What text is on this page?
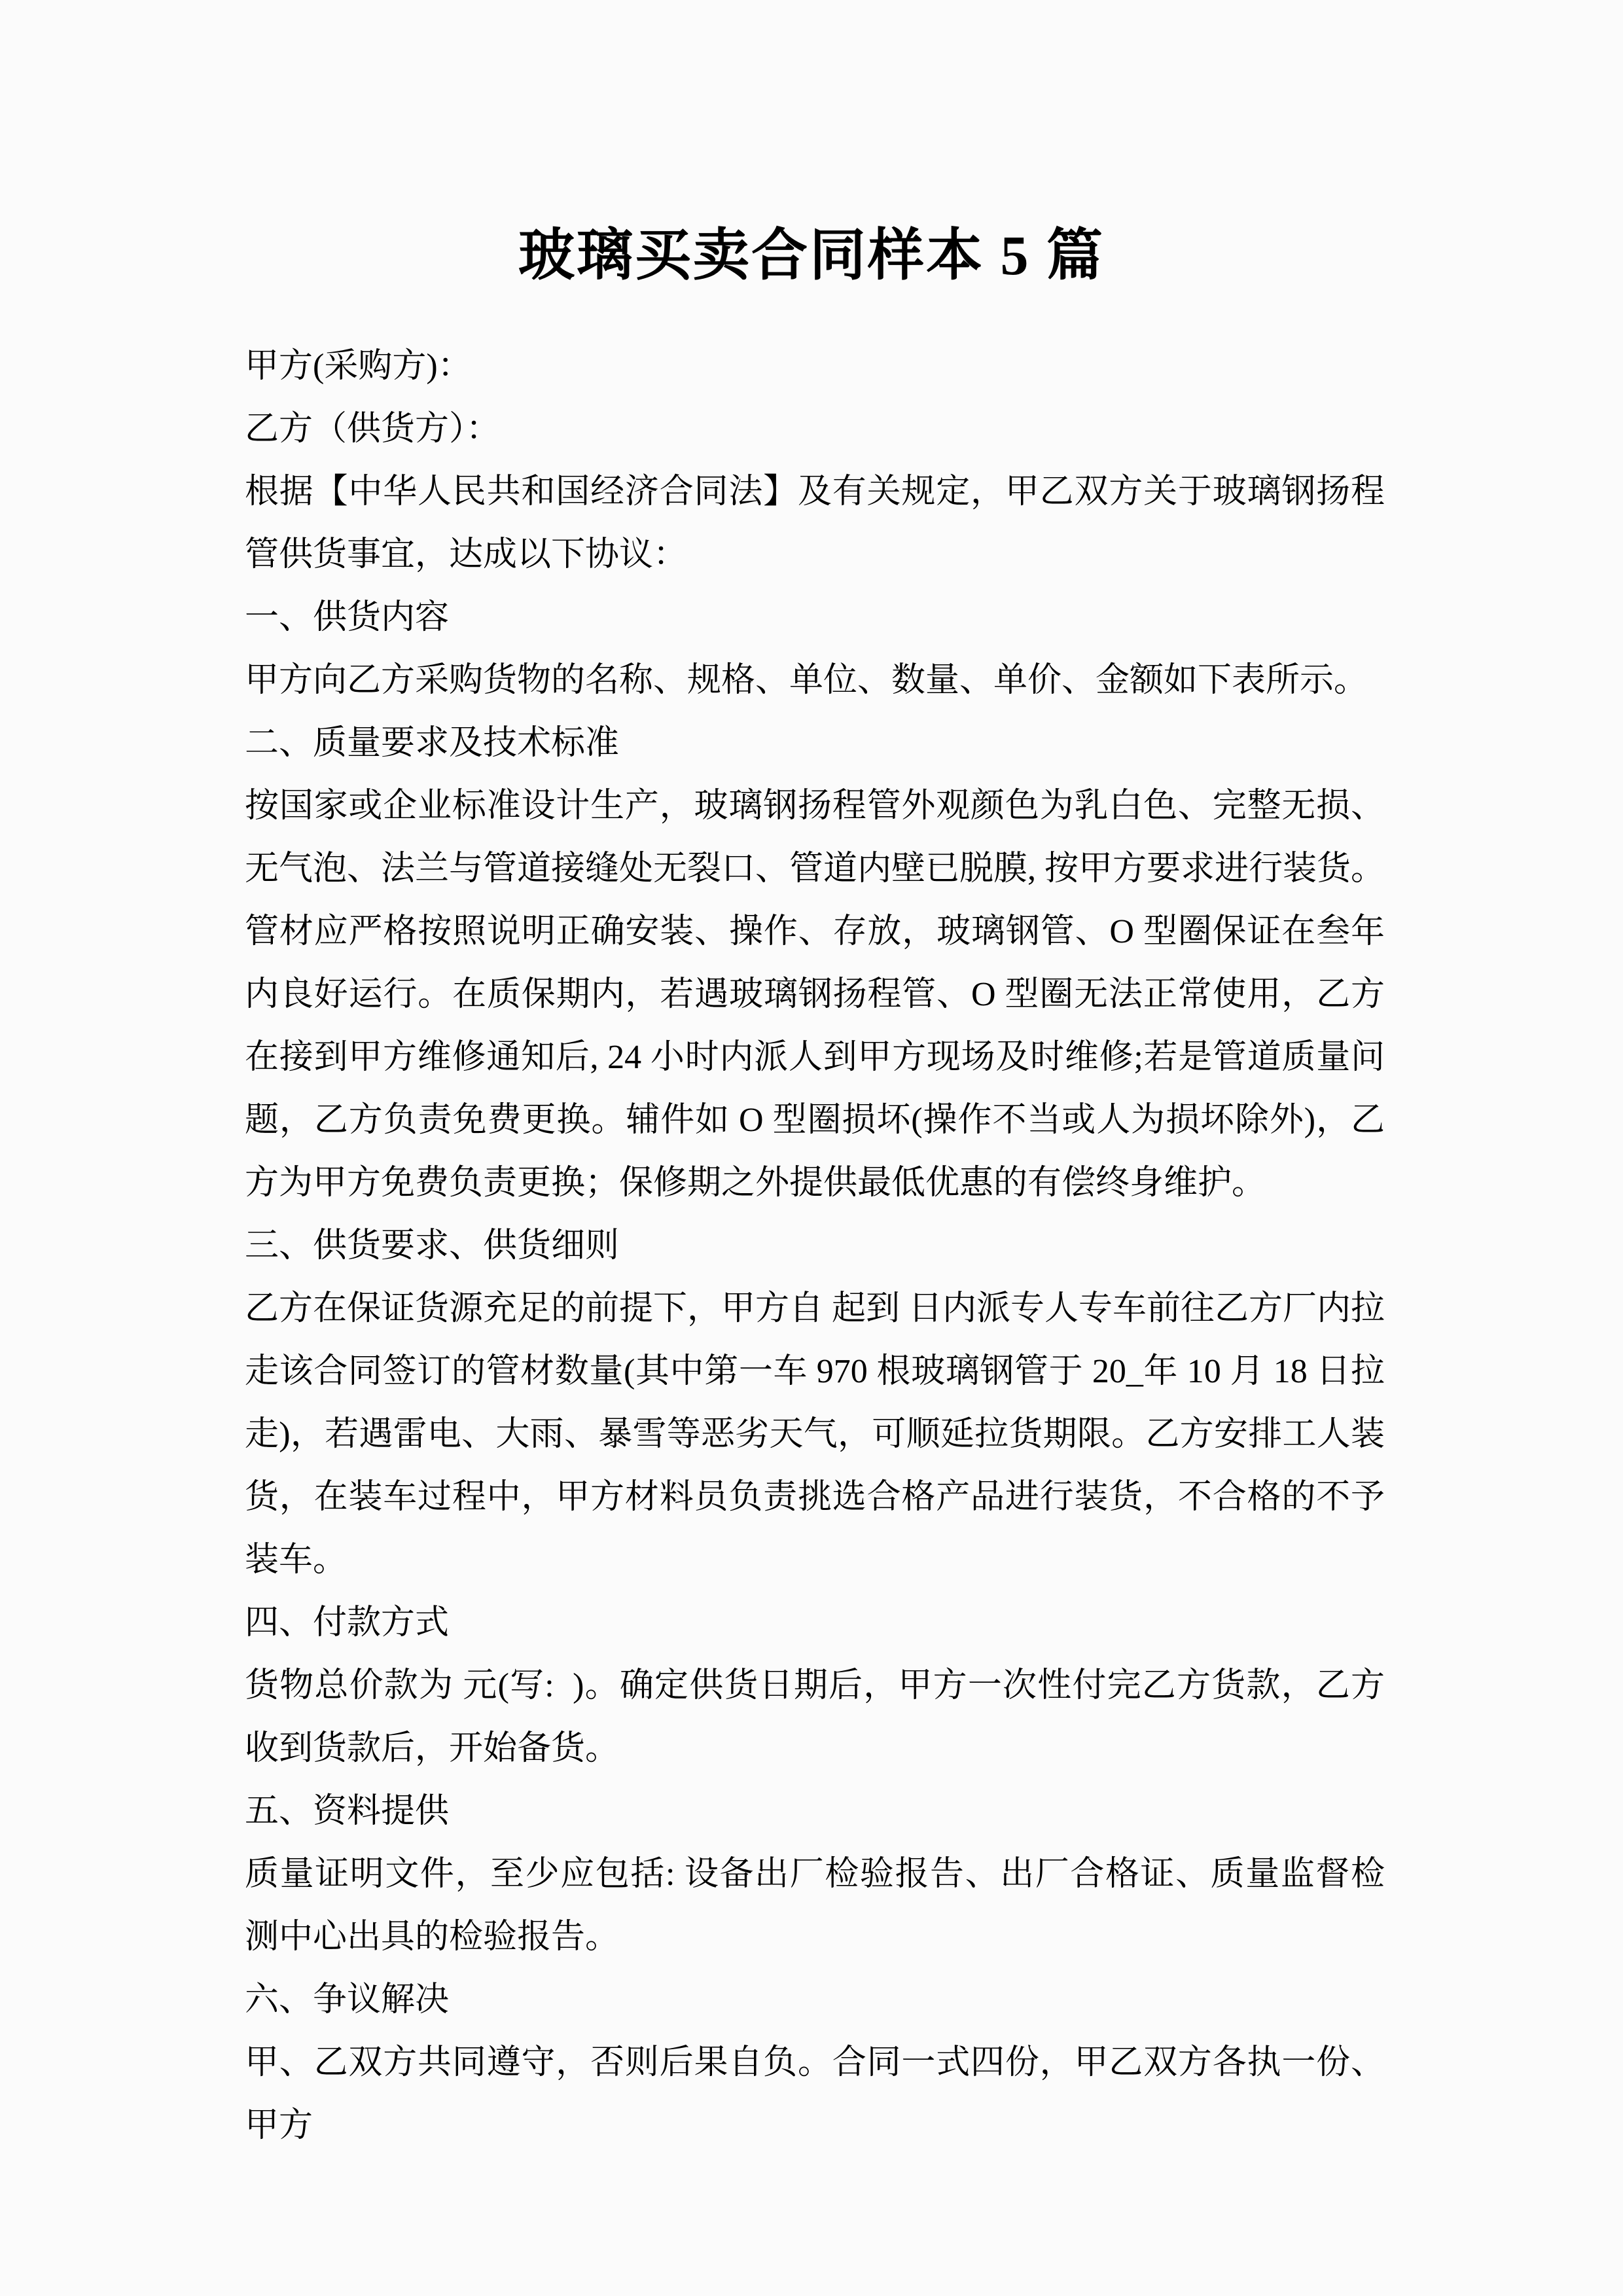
玻璃买卖合同样本 5 篇

甲方(采购方)：

乙方（供货方）：

根据【中华人民共和国经济合同法】及有关规定，甲乙双方关于玻璃钢扬程管供货事宜，达成以下协议：

一、供货内容

甲方向乙方采购货物的名称、规格、单位、数量、单价、金额如下表所示。

二、质量要求及技术标准

按国家或企业标准设计生产，玻璃钢扬程管外观颜色为乳白色、完整无损、无气泡、法兰与管道接缝处无裂口、管道内壁已脱膜, 按甲方要求进行装货。管材应严格按照说明正确安装、操作、存放，玻璃钢管、O 型圈保证在叁年内良好运行。在质保期内，若遇玻璃钢扬程管、O 型圈无法正常使用，乙方在接到甲方维修通知后, 24 小时内派人到甲方现场及时维修;若是管道质量问题，乙方负责免费更换。辅件如 O 型圈损坏(操作不当或人为损坏除外)，乙方为甲方免费负责更换；保修期之外提供最低优惠的有偿终身维护。

三、供货要求、供货细则

乙方在保证货源充足的前提下，甲方自 起到 日内派专人专车前往乙方厂内拉走该合同签订的管材数量(其中第一车 970 根玻璃钢管于 20_年 10 月 18 日拉走)，若遇雷电、大雨、暴雪等恶劣天气，可顺延拉货期限。乙方安排工人装货，在装车过程中，甲方材料员负责挑选合格产品进行装货，不合格的不予装车。

四、付款方式

货物总价款为 元(写:  )。确定供货日期后，甲方一次性付完乙方货款，乙方收到货款后，开始备货。

五、资料提供

质量证明文件，至少应包括: 设备出厂检验报告、出厂合格证、质量监督检测中心出具的检验报告。

六、争议解决

甲、乙双方共同遵守，否则后果自负。合同一式四份，甲乙双方各执一份、甲方
